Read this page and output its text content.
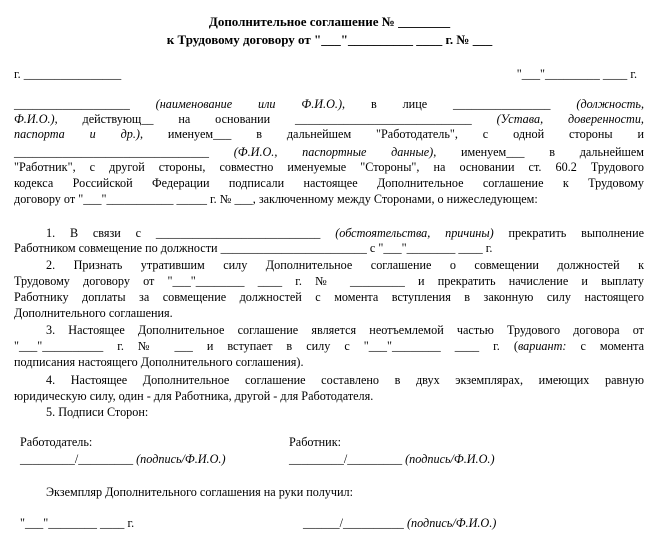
Дополнительное соглашение № ________
к Трудовому договору от "___"__________ ____ г. № ___
г. ________________	"___"_________ ____ г.
___________________ (наименование или Ф.И.О.), в лице ________________ (должность,
Ф.И.О.), действующ__ на основании _____________________________ (Устава, доверенности,
паспорта и др.), именуем___ в дальнейшем "Работодатель", с одной стороны и
________________________________ (Ф.И.О., паспортные данные), именуем___ в дальнейшем
"Работник", с другой стороны, совместно именуемые "Стороны", на основании ст. 60.2 Трудового
кодекса Российской Федерации подписали настоящее Дополнительное соглашение к Трудовому
договору от "___"___________ _____ г. № ___, заключенному между Сторонами, о нижеследующем:
1. В связи с ___________________________ (обстоятельства, причины) прекратить выполнение
Работником совмещение по должности ________________________ с "___"________ ____ г.
2. Признать утратившим силу Дополнительное соглашение о совмещении должностей к
Трудовому договору от "___"________ ____ г. № _________ и прекратить начисление и выплату
Работнику доплаты за совмещение должностей с момента вступления в законную силу настоящего
Дополнительного соглашения.
3. Настоящее Дополнительное соглашение является неотъемлемой частью Трудового договора от
"___"__________ г. № ___ и вступает в силу с "___"________ ____ г. (вариант: с момента
подписания настоящего Дополнительного соглашения).
4. Настоящее Дополнительное соглашение составлено в двух экземплярах, имеющих равную
юридическую силу, один - для Работника, другой - для Работодателя.
5. Подписи Сторон:
Работодатель:
_________/_________ (подпись/Ф.И.О.)
Работник:
_________/_________ (подпись/Ф.И.О.)
Экземпляр Дополнительного соглашения на руки получил:
"___"________ ____ г.	______/__________ (подпись/Ф.И.О.)
